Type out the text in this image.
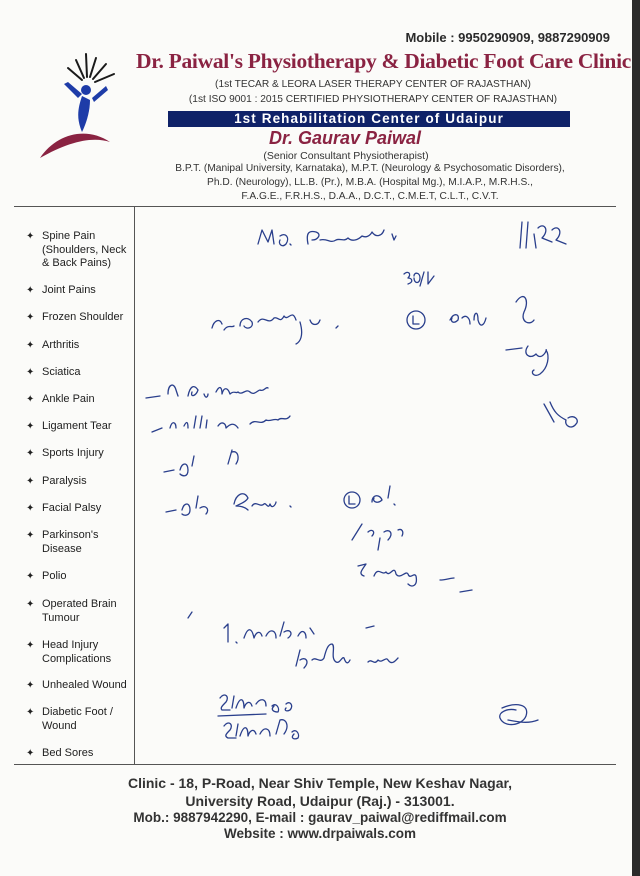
Mobile : 9950290909, 9887290909
Dr. Paiwal's Physiotherapy & Diabetic Foot Care Clinic
(1st TECAR & LEORA LASER THERAPY CENTER OF RAJASTHAN)
(1st ISO 9001 : 2015 CERTIFIED PHYSIOTHERAPY CENTER OF RAJASTHAN)
1st Rehabilitation Center of Udaipur
Dr. Gaurav Paiwal
(Senior Consultant Physiotherapist)
B.P.T. (Manipal University, Karnataka), M.P.T. (Neurology & Psychosomatic Disorders),
Ph.D. (Neurology), LL.B. (Pr.), M.B.A. (Hospital Mg.), M.I.A.P., M.R.H.S.,
F.A.G.E., F.R.H.S., D.A.A., D.C.T., C.M.E.T, C.L.T., C.V.T.
✦ Spine Pain (Shoulders, Neck & Back Pains)
✦ Joint Pains
✦ Frozen Shoulder
✦ Arthritis
✦ Sciatica
✦ Ankle Pain
✦ Ligament Tear
✦ Sports Injury
✦ Paralysis
✦ Facial Palsy
✦ Parkinson's Disease
✦ Polio
✦ Operated Brain Tumour
✦ Head Injury Complications
✦ Unhealed Wound
✦ Diabetic Foot / Wound
✦ Bed Sores
Clinic - 18, P-Road, Near Shiv Temple, New Keshav Nagar,
University Road, Udaipur (Raj.) - 313001.
Mob.: 9887942290, E-mail : gaurav_paiwal@rediffmail.com
Website : www.drpaiwals.com
